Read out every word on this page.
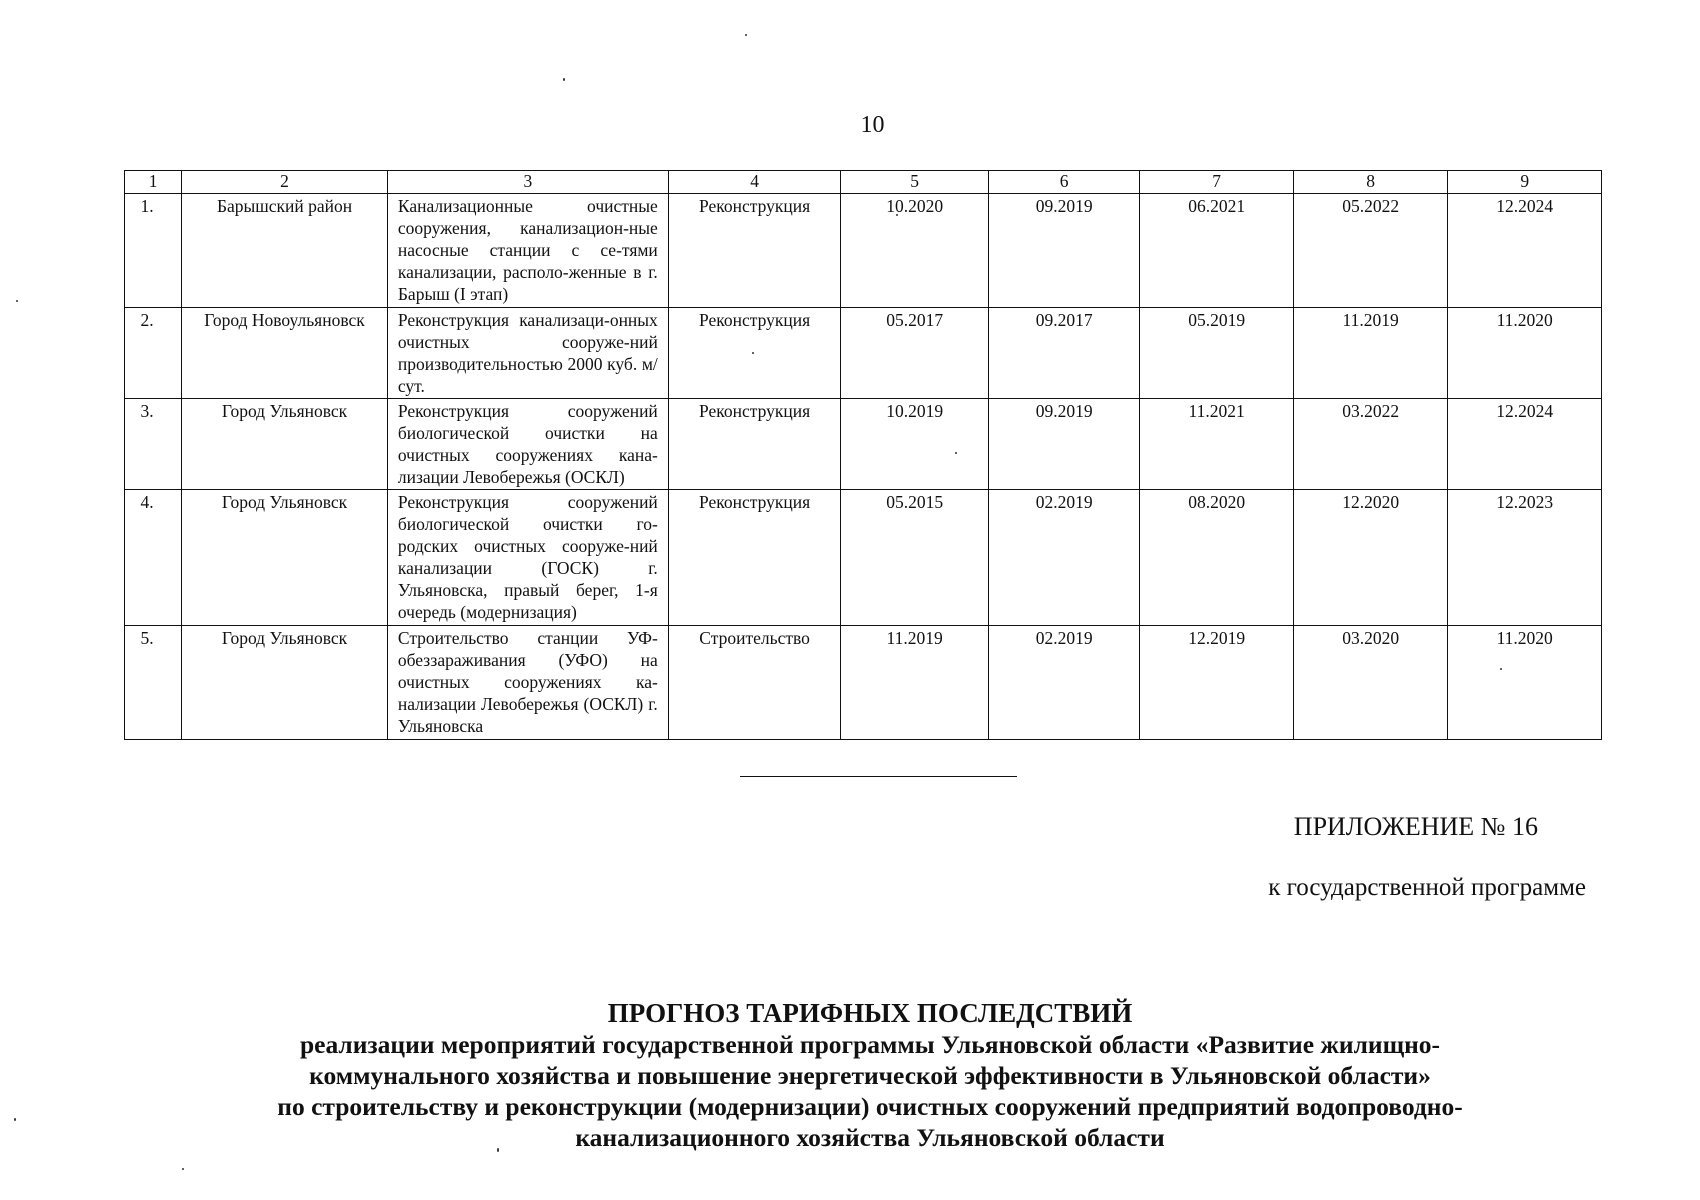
10
1	2	3	4	5	6	7	8	9
1.	Барышский район	Канализационные очистные сооружения, канализацион-ные насосные станции с се-тями канализации, располо-женные в г. Барыш (I этап)	Реконструкция	10.2020	09.2019	06.2021	05.2022	12.2024
2.	Город Новоульяновск	Реконструкция канализаци-онных очистных сооруже-ний производительностью 2000 куб. м/сут.	Реконструкция	05.2017	09.2017	05.2019	11.2019	11.2020
3.	Город Ульяновск	Реконструкция сооружений биологической очистки на очистных сооружениях кана-лизации Левобережья (ОСКЛ)	Реконструкция	10.2019	09.2019	11.2021	03.2022	12.2024
4.	Город Ульяновск	Реконструкция сооружений биологической очистки го-родских очистных сооруже-ний канализации (ГОСК) г. Ульяновска, правый берег, 1-я очередь (модернизация)	Реконструкция	05.2015	02.2019	08.2020	12.2020	12.2023
5.	Город Ульяновск	Строительство станции УФ-обеззараживания (УФО) на очистных сооружениях ка-нализации Левобережья (ОСКЛ) г. Ульяновска	Строительство	11.2019	02.2019	12.2019	03.2020	11.2020
ПРИЛОЖЕНИЕ № 16
к государственной программе
ПРОГНОЗ ТАРИФНЫХ ПОСЛЕДСТВИЙ
реализации мероприятий государственной программы Ульяновской области «Развитие жилищно-
коммунального хозяйства и повышение энергетической эффективности в Ульяновской области»
по строительству и реконструкции (модернизации) очистных сооружений предприятий водопроводно-
канализационного хозяйства Ульяновской области
